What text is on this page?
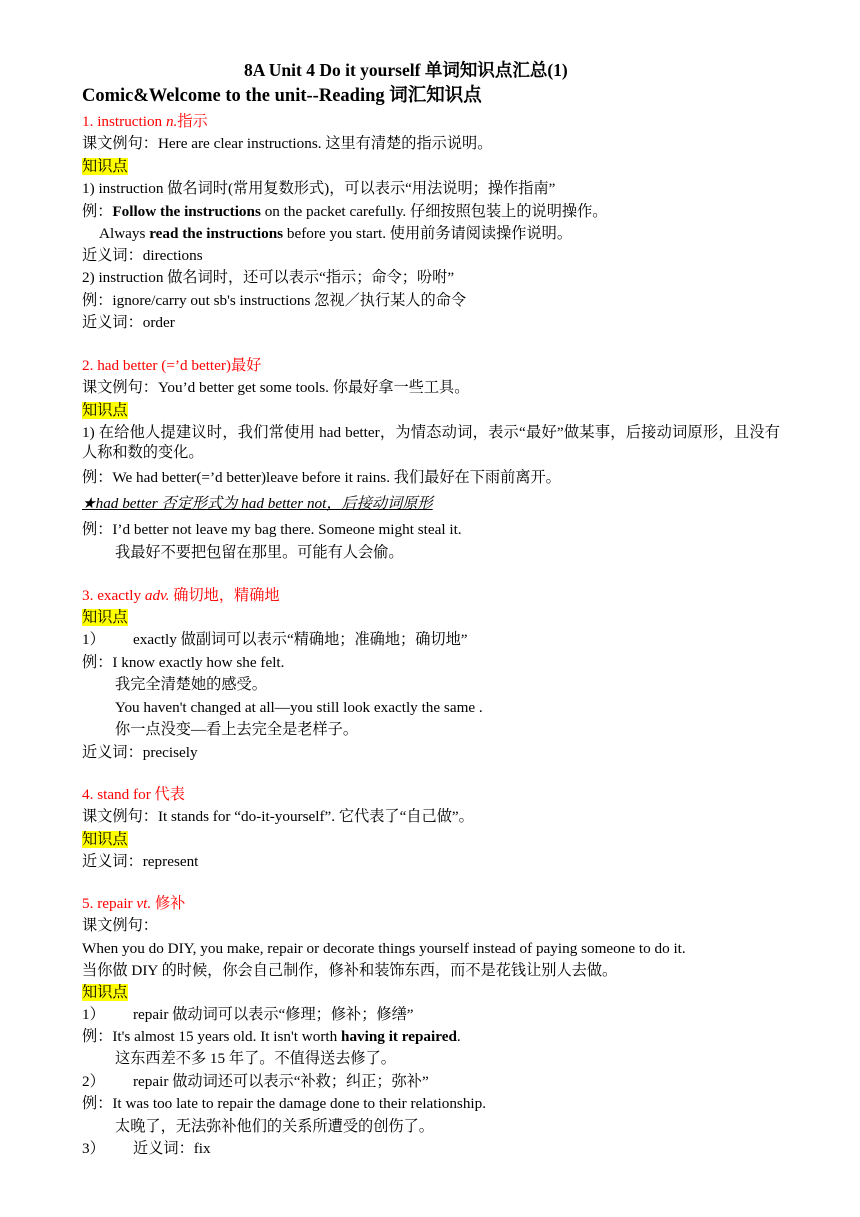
8A Unit 4 Do it yourself 单词知识点汇总(1)
Comic&Welcome to the unit--Reading 词汇知识点
1. instruction n.指示
课文例句：Here are clear instructions. 这里有清楚的指示说明。
知识点
1) instruction 做名词时(常用复数形式)，可以表示“用法说明；操作指南”
例：Follow the instructions on the packet carefully. 仔细按照包装上的说明操作。
Always read the instructions before you start. 使用前务请阅读操作说明。
近义词：directions
2) instruction 做名词时，还可以表示“指示；命令；吩咐”
例：ignore/carry out sb's instructions 忽视／执行某人的命令
近义词：order
2. had better (=’d better)最好
课文例句：You’d better get some tools. 你最好拿一些工具。
知识点
1) 在给他人提建议时，我们常使用 had better，为情态动词，表示“最好”做某事，后接动词原形，且没有人称和数的变化。
例：We had better(=’d better)leave before it rains. 我们最好在下雨前离开。
★had better 否定形式为 had better not，后接动词原形
例：I’d better not leave my bag there. Someone might steal it.
我最好不要把包留在那里。可能有人会偷。
3. exactly adv. 确切地，精确地
知识点
1） exactly 做副词可以表示“精确地；准确地；确切地”
例：I know exactly how she felt.
我完全清楚她的感受。
You haven't changed at all—you still look exactly the same .
你一点没变—看上去完全是老样子。
近义词：precisely
4. stand for 代表
课文例句：It stands for “do-it-yourself”. 它代表了“自己做”。
知识点
近义词：represent
5. repair vt. 修补
课文例句：
When you do DIY, you make, repair or decorate things yourself instead of paying someone to do it.
当你做 DIY 的时候，你会自己制作，修补和装饰东西，而不是花钱让别人去做。
知识点
1） repair 做动词可以表示“修理；修补；修缮”
例：It's almost 15 years old. It isn't worth having it repaired.
这东西差不多 15 年了。不值得送去修了。
2） repair 做动词还可以表示“补救；纠正；弥补”
例：It was too late to repair the damage done to their relationship.
太晚了，无法弥补他们的关系所遭受的创伤了。
3） 近义词：fix
